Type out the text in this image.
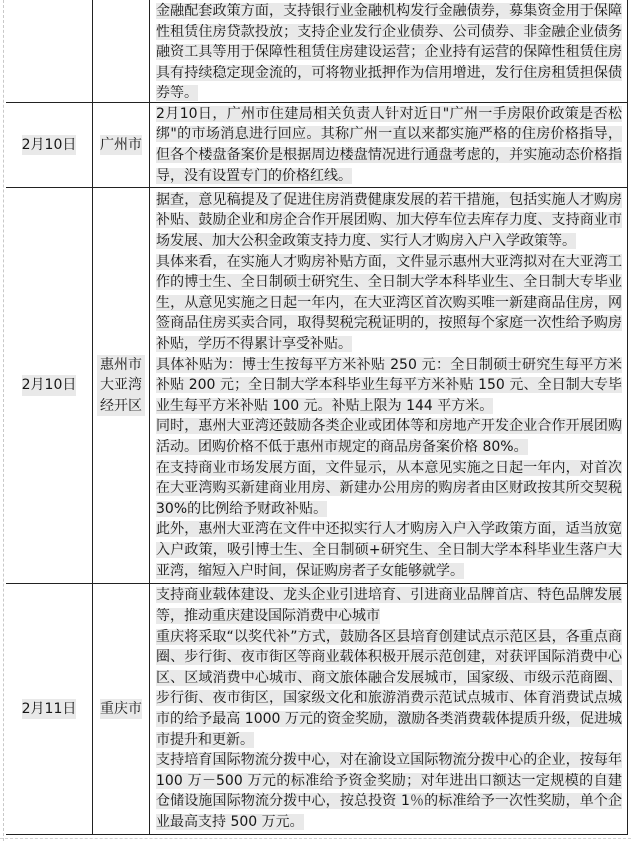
金融配套政策方面，支持银行业金融机构发行金融债券，募集资金用于保障性租赁住房贷款投放；支持企业发行企业债券、公司债券、非金融企业债务融资工具等用于保障性租赁住房建设运营；企业持有运营的保障性租赁住房具有持续稳定现金流的，可将物业抵押作为信用增进，发行住房租赁担保债券等。
2月10日 广州市
2月10日，广州市住建局相关负责人针对近日"广州一手房限价政策是否松绑"的市场消息进行回应。其称广州一直以来都实施严格的住房价格指导，但各个楼盘备案价是根据周边楼盘情况进行通盘考虑的，并实施动态价格指导，没有设置专门的价格红线。
2月10日
惠州市大亚湾经开区
据查，意见稿提及了促进住房消费健康发展的若干措施，包括实施人才购房补贴、鼓励企业和房企合作开展团购、加大停车位去库存力度、支持商业市场发展、加大公积金政策支持力度、实行人才购房入户入学政策等。
具体来看，在实施人才购房补贴方面，文件显示惠州大亚湾拟对在大亚湾工作的博士生、全日制硕士研究生、全日制大学本科毕业生、全日制大专毕业生，从意见实施之日起一年内，在大亚湾区首次购买唯一新建商品住房，网签商品住房买卖合同，取得契税完税证明的，按照每个家庭一次性给予购房补贴，学历不得累计享受补贴。
具体补贴为：博士生按每平方米补贴 250 元：全日制硕士研究生每平方米补贴 200 元；全日制大学本科毕业生每平方米补贴 150 元、全日制大专毕业生每平方米补贴 100 元。补贴上限为 144 平方米。
同时，惠州大亚湾还鼓励各类企业或团体等和房地产开发企业合作开展团购活动。团购价格不低于惠州市规定的商品房备案价格 80%。
在支持商业市场发展方面，文件显示，从本意见实施之日起一年内，对首次在大亚湾购买新建商业用房、新建办公用房的购房者由区财政按其所交契税 30%的比例给予财政补贴。
此外，惠州大亚湾在文件中还拟实行人才购房入户入学政策方面，适当放宽入户政策，吸引博士生、全日制硕+研究生、全日制大学本科毕业生落户大亚湾，缩短入户时间，保证购房者子女能够就学。
2月11日 重庆市
支持商业载体建设、龙头企业引进培育、引进商业品牌首店、特色品牌发展等，推动重庆建设国际消费中心城市
重庆将采取“以奖代补”方式，鼓励各区县培育创建试点示范区县，各重点商圈、步行街、夜市街区等商业载体积极开展示范创建，对获评国际消费中心区、区域消费中心城市、商文旅体融合发展城市，国家级、市级示范商圈、步行街、夜市街区，国家级文化和旅游消费示范试点城市、体育消费试点城市的给予最高 1000 万元的资金奖励，激励各类消费载体提质升级，促进城市提升和更新。
支持培育国际物流分拨中心，对在渝设立国际物流分拨中心的企业，按每年 100 万－500 万元的标准给予资金奖励；对年进出口额达一定规模的自建仓储设施国际物流分拨中心，按总投资 1％的标准给予一次性奖励，单个企业最高支持 500 万元。
